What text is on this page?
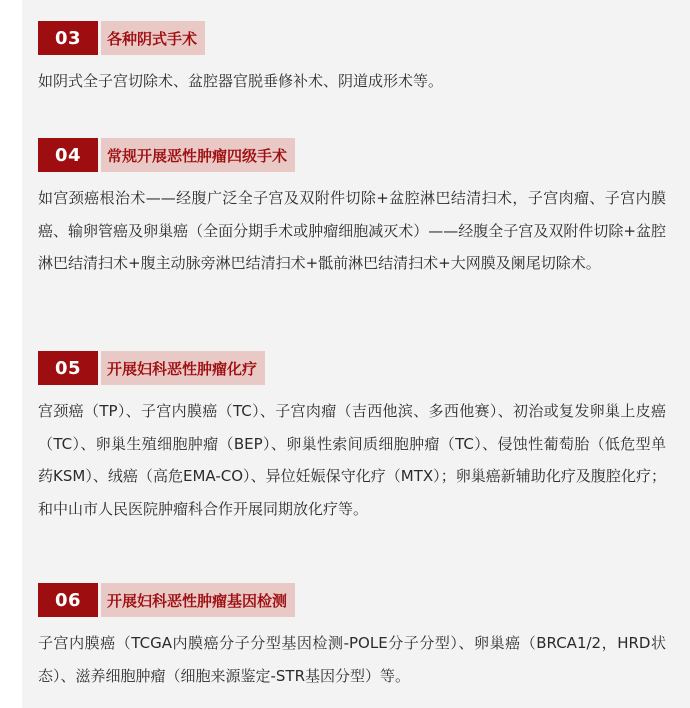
03	各种阴式手术

如阴式全子宫切除术、盆腔器官脱垂修补术、阴道成形术等。

04	常规开展恶性肿瘤四级手术

如宫颈癌根治术——经腹广泛全子宫及双附件切除+盆腔淋巴结清扫术，子宫肉瘤、子宫内膜癌、输卵管癌及卵巢癌（全面分期手术或肿瘤细胞减灭术）——经腹全子宫及双附件切除+盆腔淋巴结清扫术+腹主动脉旁淋巴结清扫术+骶前淋巴结清扫术+大网膜及阑尾切除术。

05	开展妇科恶性肿瘤化疗

宫颈癌（TP）、子宫内膜癌（TC）、子宫肉瘤（吉西他滨、多西他赛）、初治或复发卵巢上皮癌（TC）、卵巢生殖细胞肿瘤（BEP）、卵巢性索间质细胞肿瘤（TC）、侵蚀性葡萄胎（低危型单药KSM）、绒癌（高危EMA-CO）、异位妊娠保守化疗（MTX）；卵巢癌新辅助化疗及腹腔化疗；和中山市人民医院肿瘤科合作开展同期放化疗等。

06	开展妇科恶性肿瘤基因检测

子宫内膜癌（TCGA内膜癌分子分型基因检测-POLE分子分型）、卵巢癌（BRCA1/2，HRD状态）、滋养细胞肿瘤（细胞来源鉴定-STR基因分型）等。
